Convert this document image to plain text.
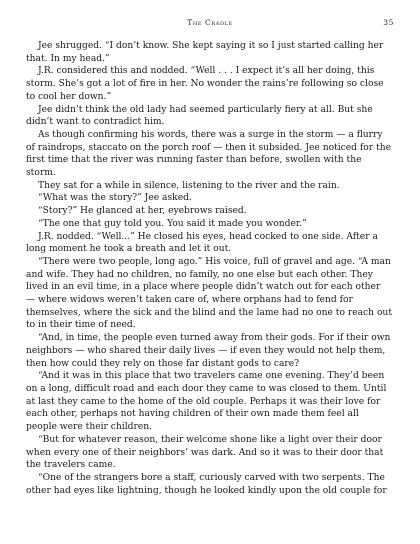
The Cradle	35

Jee shrugged. “I don’t know. She kept saying it so I just started calling her that. In my head.”

J.R. considered this and nodded. “Well . . . I expect it’s all her doing, this storm. She’s got a lot of fire in her. No wonder the rains’re following so close to cool her down.”

Jee didn’t think the old lady had seemed particularly fiery at all. But she didn’t want to contradict him.

As though confirming his words, there was a surge in the storm — a flurry of raindrops, staccato on the porch roof — then it subsided. Jee noticed for the first time that the river was running faster than before, swollen with the storm.

They sat for a while in silence, listening to the river and the rain.

“What was the story?” Jee asked.

“Story?” He glanced at her, eyebrows raised.

“The one that guy told you. You said it made you wonder.”

J.R. nodded. “Well...” He closed his eyes, head cocked to one side. After a long moment he took a breath and let it out.

“There were two people, long ago.” His voice, full of gravel and age. “A man and wife. They had no children, no family, no one else but each other. They lived in an evil time, in a place where people didn’t watch out for each other — where widows weren’t taken care of, where orphans had to fend for themselves, where the sick and the blind and the lame had no one to reach out to in their time of need.

“And, in time, the people even turned away from their gods. For if their own neighbors — who shared their daily lives — if even they would not help them, then how could they rely on those far distant gods to care?

“And it was in this place that two travelers came one evening. They’d been on a long, difficult road and each door they came to was closed to them. Until at last they came to the home of the old couple. Perhaps it was their love for each other, perhaps not having children of their own made them feel all people were their children.

“But for whatever reason, their welcome shone like a light over their door when every one of their neighbors’ was dark. And so it was to their door that the travelers came.

“One of the strangers bore a staff, curiously carved with two serpents. The other had eyes like lightning, though he looked kindly upon the old couple for
